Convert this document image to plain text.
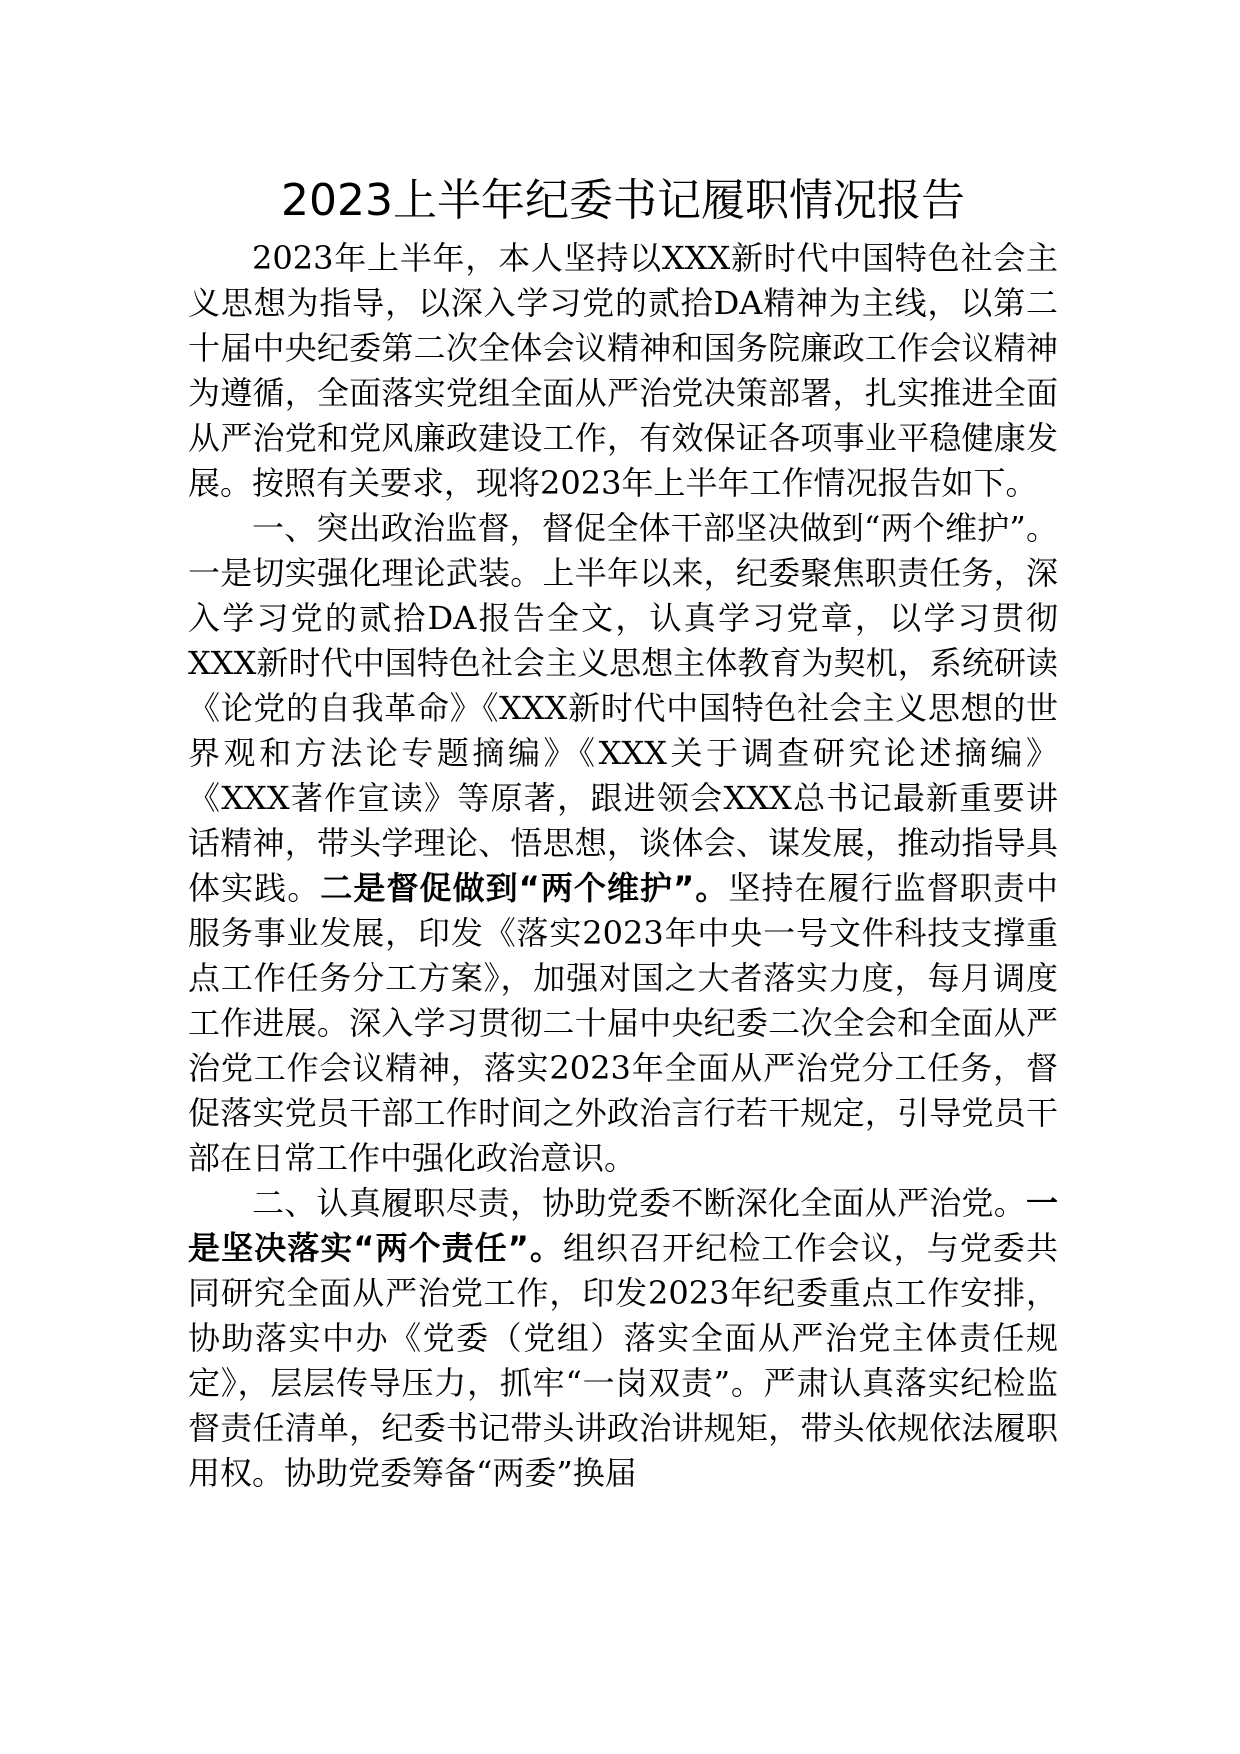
2023上半年纪委书记履职情况报告

2023年上半年，本人坚持以XXX新时代中国特色社会主义思想为指导，以深入学习党的贰拾DA精神为主线，以第二十届中央纪委第二次全体会议精神和国务院廉政工作会议精神为遵循，全面落实党组全面从严治党决策部署，扎实推进全面从严治党和党风廉政建设工作，有效保证各项事业平稳健康发展。按照有关要求，现将2023年上半年工作情况报告如下。

一、突出政治监督，督促全体干部坚决做到“两个维护”。一是切实强化理论武装。上半年以来，纪委聚焦职责任务，深入学习党的贰拾DA报告全文，认真学习党章，以学习贯彻XXX新时代中国特色社会主义思想主体教育为契机，系统研读《论党的自我革命》《XXX新时代中国特色社会主义思想的世界观和方法论专题摘编》《XXX关于调查研究论述摘编》《XXX著作宣读》等原著，跟进领会XXX总书记最新重要讲话精神，带头学理论、悟思想，谈体会、谋发展，推动指导具体实践。二是督促做到“两个维护”。坚持在履行监督职责中服务事业发展，印发《落实2023年中央一号文件科技支撑重点工作任务分工方案》，加强对国之大者落实力度，每月调度工作进展。深入学习贯彻二十届中央纪委二次全会和全面从严治党工作会议精神，落实2023年全面从严治党分工任务，督促落实党员干部工作时间之外政治言行若干规定，引导党员干部在日常工作中强化政治意识。

二、认真履职尽责，协助党委不断深化全面从严治党。一是坚决落实“两个责任”。组织召开纪检工作会议，与党委共同研究全面从严治党工作，印发2023年纪委重点工作安排，协助落实中办《党委（党组）落实全面从严治党主体责任规定》，层层传导压力，抓牢“一岗双责”。严肃认真落实纪检监督责任清单，纪委书记带头讲政治讲规矩，带头依规依法履职用权。协助党委筹备“两委”换届
